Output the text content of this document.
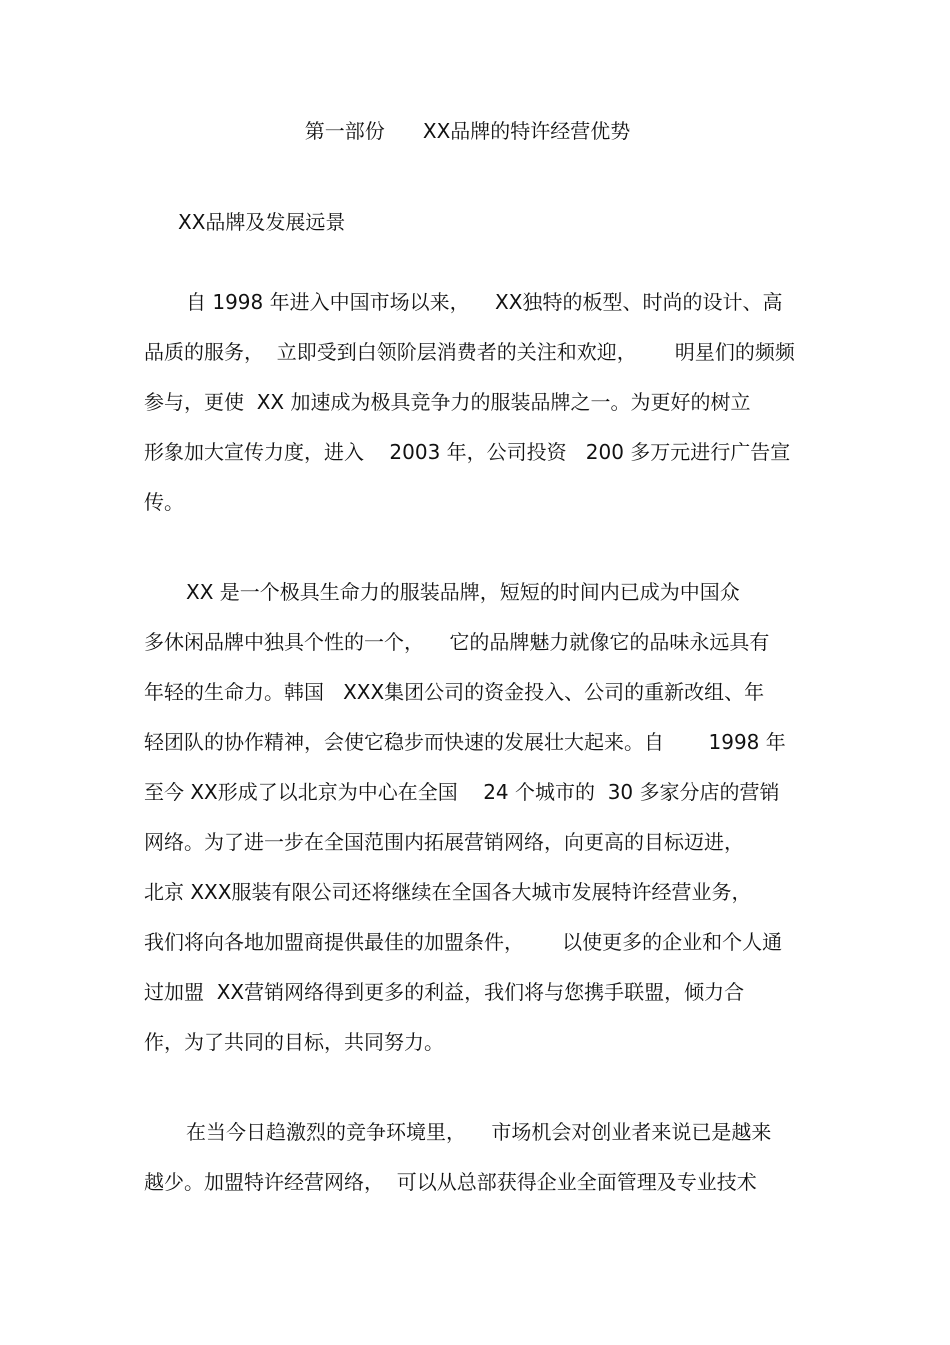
第一部份      XX品牌的特许经营优势
XX品牌及发展远景
自 1998 年进入中国市场以来，    XX独特的板型、时尚的设计、高
品质的服务，  立即受到白领阶层消费者的关注和欢迎，      明星们的频频
参与，更使  XX 加速成为极具竞争力的服装品牌之一。为更好的树立
形象加大宣传力度，进入    2003 年，公司投资   200 多万元进行广告宣
传。
XX 是一个极具生命力的服装品牌，短短的时间内已成为中国众
多休闲品牌中独具个性的一个，    它的品牌魅力就像它的品味永远具有
年轻的生命力。韩国   XXX集团公司的资金投入、公司的重新改组、年
轻团队的协作精神，会使它稳步而快速的发展壮大起来。自       1998 年
至今 XX形成了以北京为中心在全国    24 个城市的  30 多家分店的营销
网络。为了进一步在全国范围内拓展营销网络，向更高的目标迈进，
北京 XXX服装有限公司还将继续在全国各大城市发展特许经营业务，
我们将向各地加盟商提供最佳的加盟条件，      以使更多的企业和个人通
过加盟  XX营销网络得到更多的利益，我们将与您携手联盟，倾力合
作，为了共同的目标，共同努力。
在当今日趋激烈的竞争环境里，    市场机会对创业者来说已是越来
越少。加盟特许经营网络，  可以从总部获得企业全面管理及专业技术
